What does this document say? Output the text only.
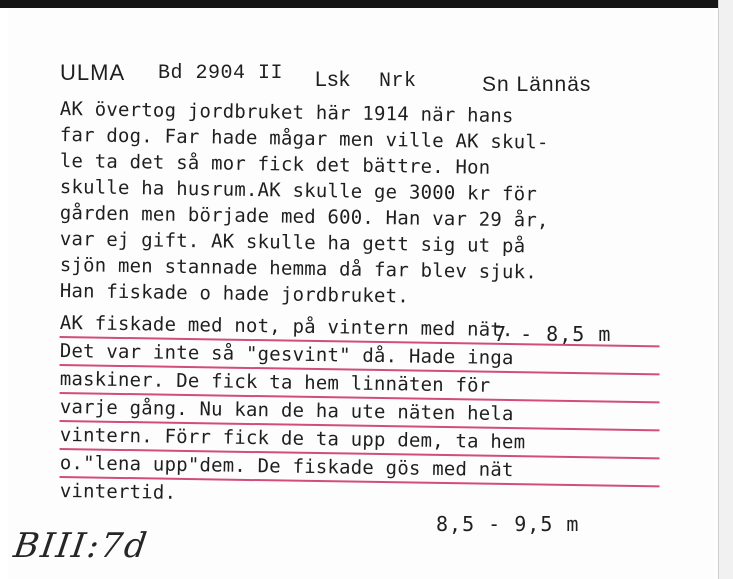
ULMA Bd 2904 II Lsk Nrk	Sn Lännäs
AK övertog jordbruket här 1914 när hans
far dog. Far hade mågar men ville AK skul-
le ta det så mor fick det bättre. Hon
skulle ha husrum.AK skulle ge 3000 kr för
gården men började med 600. Han var 29 år,
var ej gift. AK skulle ha gett sig ut på
sjön men stannade hemma då far blev sjuk.
Han fiskade o hade jordbruket.
AK fiskade med not, på vintern med nät.
Det var inte så "gesvint" då. Hade inga
maskiner. De fick ta hem linnäten för
varje gång. Nu kan de ha ute näten hela
vintern. Förr fick de ta upp dem, ta hem
o."lena upp"dem. De fiskade gös med nät
vintertid.
7 - 8,5 m
8,5 - 9,5 m
BIII:7d
